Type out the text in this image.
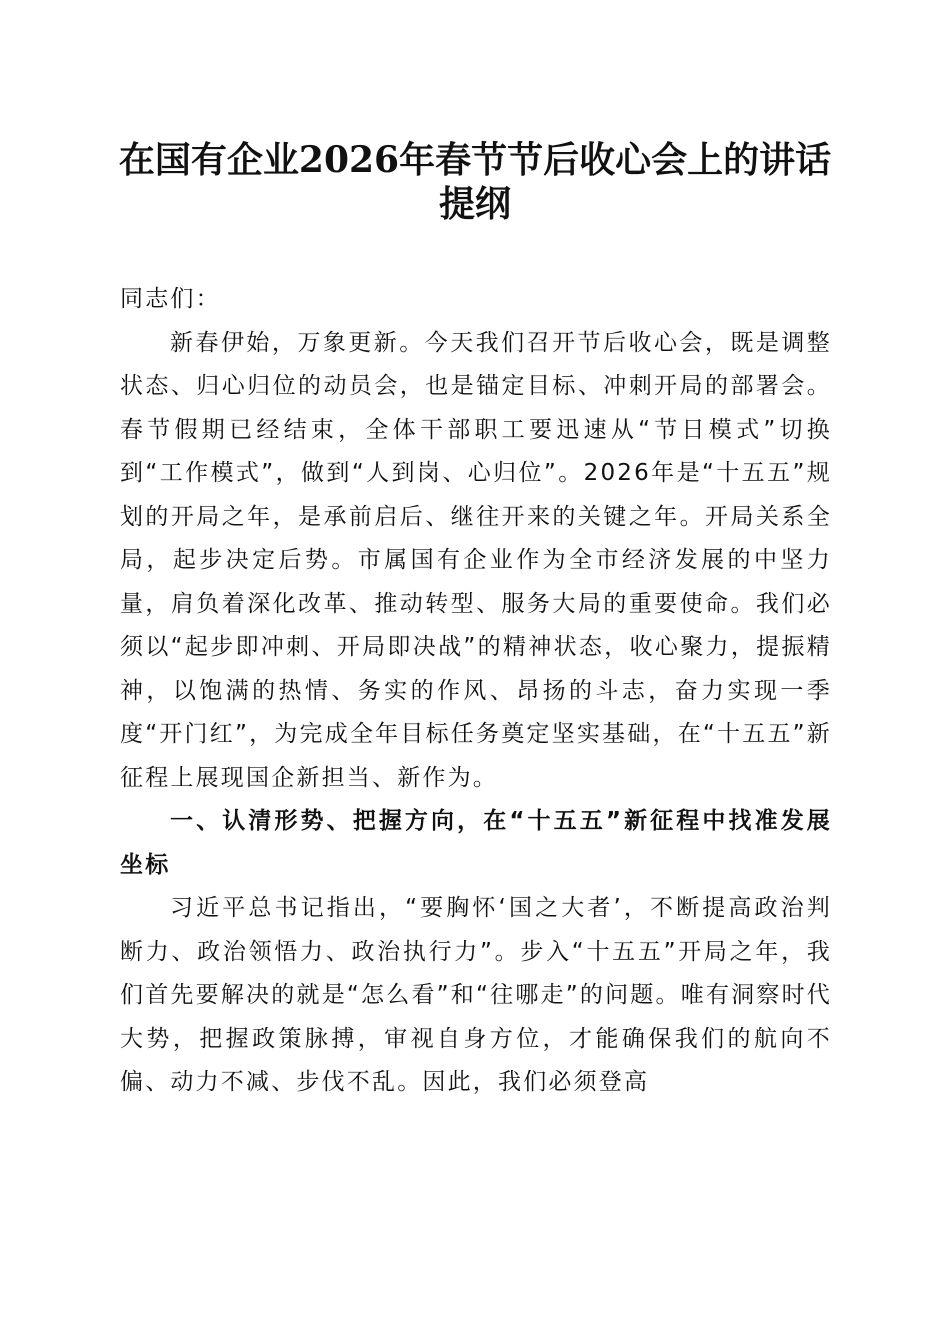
在国有企业2026年春节节后收心会上的讲话提纲

同志们：

新春伊始，万象更新。今天我们召开节后收心会，既是调整状态、归心归位的动员会，也是锚定目标、冲刺开局的部署会。春节假期已经结束，全体干部职工要迅速从“节日模式”切换到“工作模式”，做到“人到岗、心归位”。2026年是“十五五”规划的开局之年，是承前启后、继往开来的关键之年。开局关系全局，起步决定后势。市属国有企业作为全市经济发展的中坚力量，肩负着深化改革、推动转型、服务大局的重要使命。我们必须以“起步即冲刺、开局即决战”的精神状态，收心聚力，提振精神，以饱满的热情、务实的作风、昂扬的斗志，奋力实现一季度“开门红”，为完成全年目标任务奠定坚实基础，在“十五五”新征程上展现国企新担当、新作为。

一、认清形势、把握方向，在“十五五”新征程中找准发展坐标

习近平总书记指出，“要胸怀‘国之大者’，不断提高政治判断力、政治领悟力、政治执行力”。步入“十五五”开局之年，我们首先要解决的就是“怎么看”和“往哪走”的问题。唯有洞察时代大势，把握政策脉搏，审视自身方位，才能确保我们的航向不偏、动力不减、步伐不乱。因此，我们必须登高
